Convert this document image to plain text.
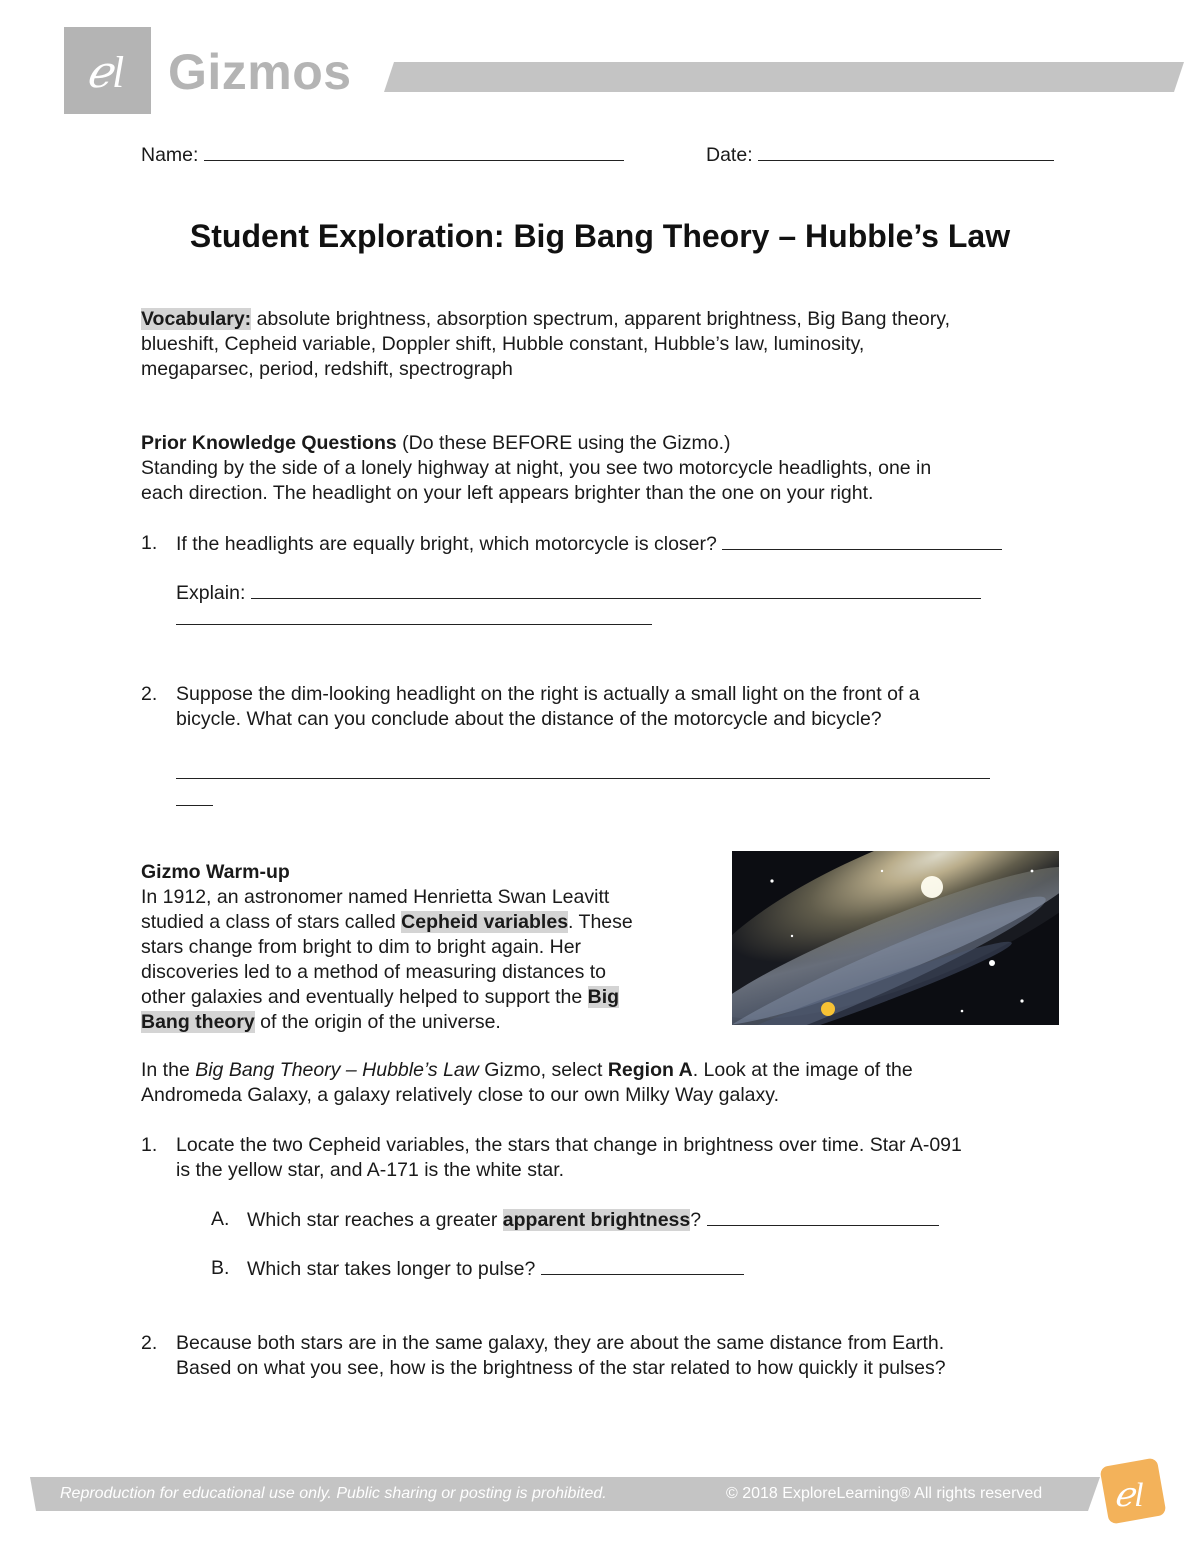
ℯl Gizmos
Name:	Date:
Student Exploration: Big Bang Theory – Hubble’s Law
Vocabulary: absolute brightness, absorption spectrum, apparent brightness, Big Bang theory,
blueshift, Cepheid variable, Doppler shift, Hubble constant, Hubble’s law, luminosity,
megaparsec, period, redshift, spectrograph
Prior Knowledge Questions (Do these BEFORE using the Gizmo.)
Standing by the side of a lonely highway at night, you see two motorcycle headlights, one in
each direction. The headlight on your left appears brighter than the one on your right.
1. If the headlights are equally bright, which motorcycle is closer?
Explain:
2. Suppose the dim-looking headlight on the right is actually a small light on the front of a
bicycle. What can you conclude about the distance of the motorcycle and bicycle?
Gizmo Warm-up
In 1912, an astronomer named Henrietta Swan Leavitt
studied a class of stars called Cepheid variables. These
stars change from bright to dim to bright again. Her
discoveries led to a method of measuring distances to
other galaxies and eventually helped to support the Big
Bang theory of the origin of the universe.
In the Big Bang Theory – Hubble’s Law Gizmo, select Region A. Look at the image of the
Andromeda Galaxy, a galaxy relatively close to our own Milky Way galaxy.
1. Locate the two Cepheid variables, the stars that change in brightness over time. Star A-091
is the yellow star, and A-171 is the white star.
A. Which star reaches a greater apparent brightness?
B. Which star takes longer to pulse?
2. Because both stars are in the same galaxy, they are about the same distance from Earth.
Based on what you see, how is the brightness of the star related to how quickly it pulses?
Reproduction for educational use only. Public sharing or posting is prohibited.	© 2018 ExploreLearning® All rights reserved ℯl
